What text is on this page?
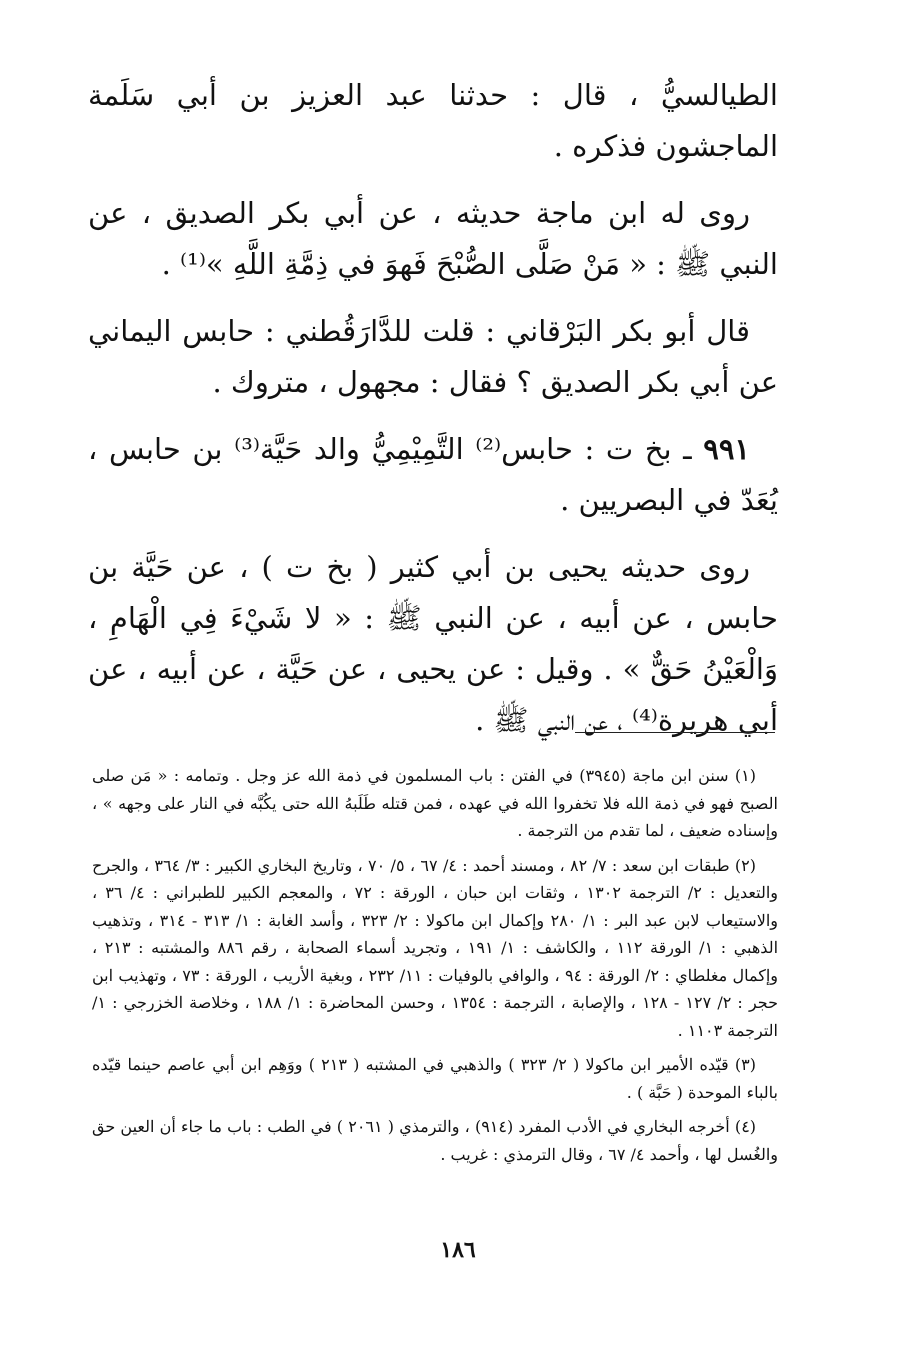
الطيالسيُّ ، قال : حدثنا عبد العزيز بن أبي سَلَمة الماجشون فذكره .

روى له ابن ماجة حديثه ، عن أبي بكر الصديق ، عن النبي ﷺ : « مَنْ صَلَّى الصُّبْحَ فَهوَ في ذِمَّةِ اللَّهِ »⁽¹⁾ .

قال أبو بكر البَرْقاني : قلت للدَّارَقُطني : حابس اليماني عن أبي بكر الصديق ؟ فقال : مجهول ، متروك .

٩٩١ ـ بخ ت : حابس⁽²⁾ التَّمِيْمِيُّ والد حَيَّة⁽³⁾ بن حابس ، يُعَدّ في البصريين .

روى حديثه يحيى بن أبي كثير ( بخ ت ) ، عن حَيَّة بن حابس ، عن أبيه ، عن النبي ﷺ : « لا شَيْءَ فِي الْهَامِ ، وَالْعَيْنُ حَقٌّ » . وقيل : عن يحيى ، عن حَيَّة ، عن أبيه ، عن أبي هريرة⁽⁴⁾ ، عن النبي ﷺ .

(١) سنن ابن ماجة (٣٩٤٥) في الفتن : باب المسلمون في ذمة الله عز وجل . وتمامه : « مَن صلى الصبح فهو في ذمة الله فلا تخفروا الله في عهده ، فمن قتله طَلَبهُ الله حتى يكُبَّه في النار على وجهه » ، وإسناده ضعيف ، لما تقدم من الترجمة .

(٢) طبقات ابن سعد : ٧/ ٨٢ ، ومسند أحمد : ٤/ ٦٧ ، ٥/ ٧٠ ، وتاريخ البخاري الكبير : ٣/ ٣٦٤ ، والجرح والتعديل : ٢/ الترجمة ١٣٠٢ ، وثقات ابن حبان ، الورقة : ٧٢ ، والمعجم الكبير للطبراني : ٤/ ٣٦ ، والاستيعاب لابن عبد البر : ١/ ٢٨٠ وإكمال ابن ماكولا : ٢/ ٣٢٣ ، وأسد الغابة : ١/ ٣١٣ - ٣١٤ ، وتذهيب الذهبي : ١/ الورقة ١١٢ ، والكاشف : ١/ ١٩١ ، وتجريد أسماء الصحابة ، رقم ٨٨٦ والمشتبه : ٢١٣ ، وإكمال مغلطاي : ٢/ الورقة : ٩٤ ، والوافي بالوفيات : ١١/ ٢٣٢ ، وبغية الأريب ، الورقة : ٧٣ ، وتهذيب ابن حجر : ٢/ ١٢٧ - ١٢٨ ، والإصابة ، الترجمة : ١٣٥٤ ، وحسن المحاضرة : ١/ ١٨٨ ، وخلاصة الخزرجي : ١/ الترجمة ١١٠٣ .

(٣) قيّده الأمير ابن ماكولا ( ٢/ ٣٢٣ ) والذهبي في المشتبه ( ٢١٣ ) ووَهِم ابن أبي عاصم حينما قيّده بالباء الموحدة ( حَبَّة ) .

(٤) أخرجه البخاري في الأدب المفرد (٩١٤) ، والترمذي ( ٢٠٦١ ) في الطب : باب ما جاء أن العين حق والغُسل لها ، وأحمد ٤/ ٦٧ ، وقال الترمذي : غريب .

١٨٦
